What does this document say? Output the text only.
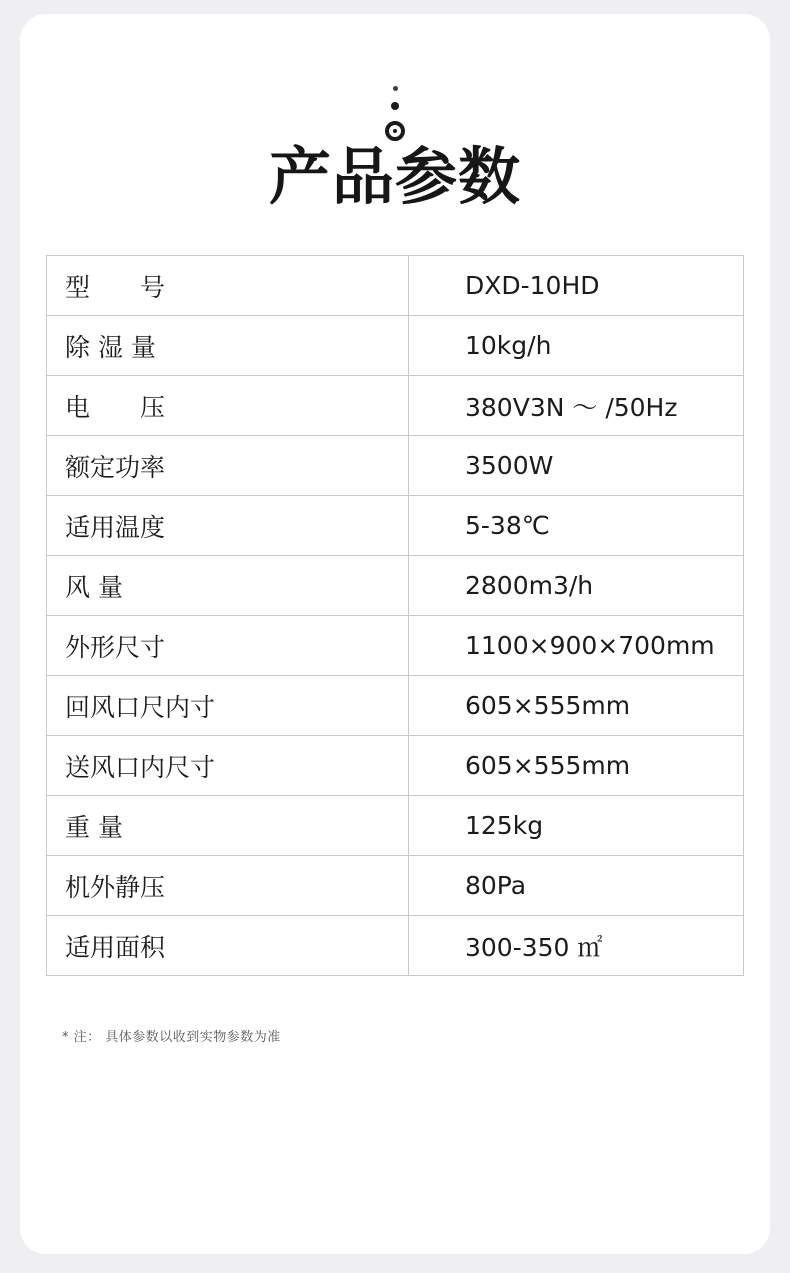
产品参数
型　　号	DXD-10HD
除 湿 量	10kg/h
电　　压	380V3N ～ /50Hz
额定功率	3500W
适用温度	5-38℃
风 量	2800m3/h
外形尺寸	1100×900×700mm
回风口尺内寸	605×555mm
送风口内尺寸	605×555mm
重 量	125kg
机外静压	80Pa
适用面积	300-350 ㎡
* 注： 具体参数以收到实物参数为准
